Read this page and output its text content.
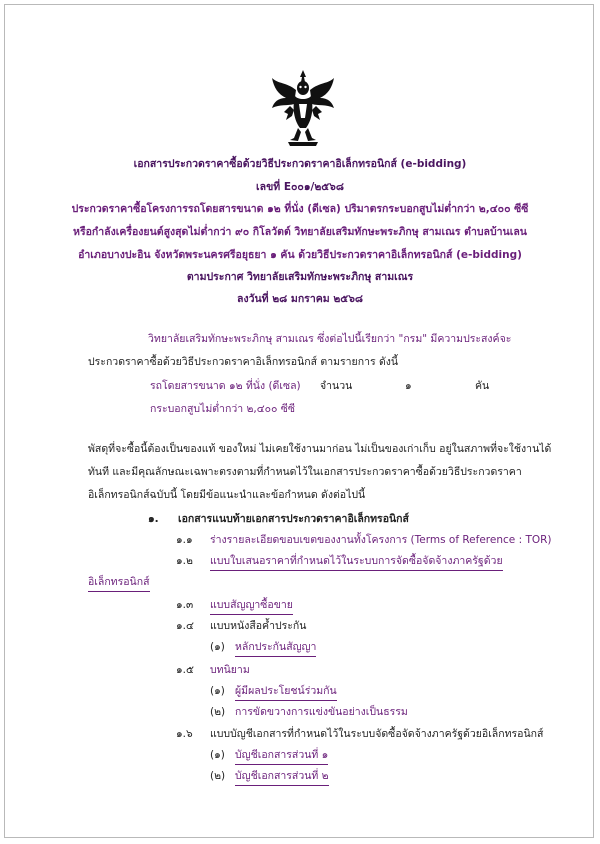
เอกสารประกวดราคาซื้อด้วยวิธีประกวดราคาอิเล็กทรอนิกส์ (e-bidding)
เลขที่ E๐๐๑/๒๕๖๘
ประกวดราคาซื้อโครงการรถโดยสารขนาด ๑๒ ที่นั่ง (ดีเซล) ปริมาตรกระบอกสูบไม่ต่ำกว่า ๒,๔๐๐ ซีซี
หรือกำลังเครื่องยนต์สูงสุดไม่ต่ำกว่า ๙๐ กิโลวัตต์ วิทยาลัยเสริมทักษะพระภิกษุ สามเณร ตำบลบ้านเลน
อำเภอบางปะอิน จังหวัดพระนครศรีอยุธยา ๑ คัน ด้วยวิธีประกวดราคาอิเล็กทรอนิกส์ (e-bidding)
ตามประกาศ วิทยาลัยเสริมทักษะพระภิกษุ สามเณร
ลงวันที่ ๒๘ มกราคม ๒๕๖๘
วิทยาลัยเสริมทักษะพระภิกษุ สามเณร ซึ่งต่อไปนี้เรียกว่า "กรม" มีความประสงค์จะ
ประกวดราคาซื้อด้วยวิธีประกวดราคาอิเล็กทรอนิกส์ ตามรายการ ดังนี้
รถโดยสารขนาด ๑๒ ที่นั่ง (ดีเซล) จำนวน	๑	คัน
กระบอกสูบไม่ต่ำกว่า ๒,๔๐๐ ซีซี
พัสดุที่จะซื้อนี้ต้องเป็นของแท้ ของใหม่ ไม่เคยใช้งานมาก่อน ไม่เป็นของเก่าเก็บ อยู่ในสภาพที่จะใช้งานได้
ทันที และมีคุณลักษณะเฉพาะตรงตามที่กำหนดไว้ในเอกสารประกวดราคาซื้อด้วยวิธีประกวดราคา
อิเล็กทรอนิกส์ฉบับนี้ โดยมีข้อแนะนำและข้อกำหนด ดังต่อไปนี้
๑. เอกสารแนบท้ายเอกสารประกวดราคาอิเล็กทรอนิกส์
๑.๑ ร่างรายละเอียดขอบเขตของงานทั้งโครงการ (Terms of Reference : TOR)
๑.๒ แบบใบเสนอราคาที่กำหนดไว้ในระบบการจัดซื้อจัดจ้างภาครัฐด้วย
อิเล็กทรอนิกส์
๑.๓ แบบสัญญาซื้อขาย
๑.๔ แบบหนังสือค้ำประกัน
(๑) หลักประกันสัญญา
๑.๕ บทนิยาม
(๑) ผู้มีผลประโยชน์ร่วมกัน
(๒) การขัดขวางการแข่งขันอย่างเป็นธรรม
๑.๖ แบบบัญชีเอกสารที่กำหนดไว้ในระบบจัดซื้อจัดจ้างภาครัฐด้วยอิเล็กทรอนิกส์
(๑) บัญชีเอกสารส่วนที่ ๑
(๒) บัญชีเอกสารส่วนที่ ๒
